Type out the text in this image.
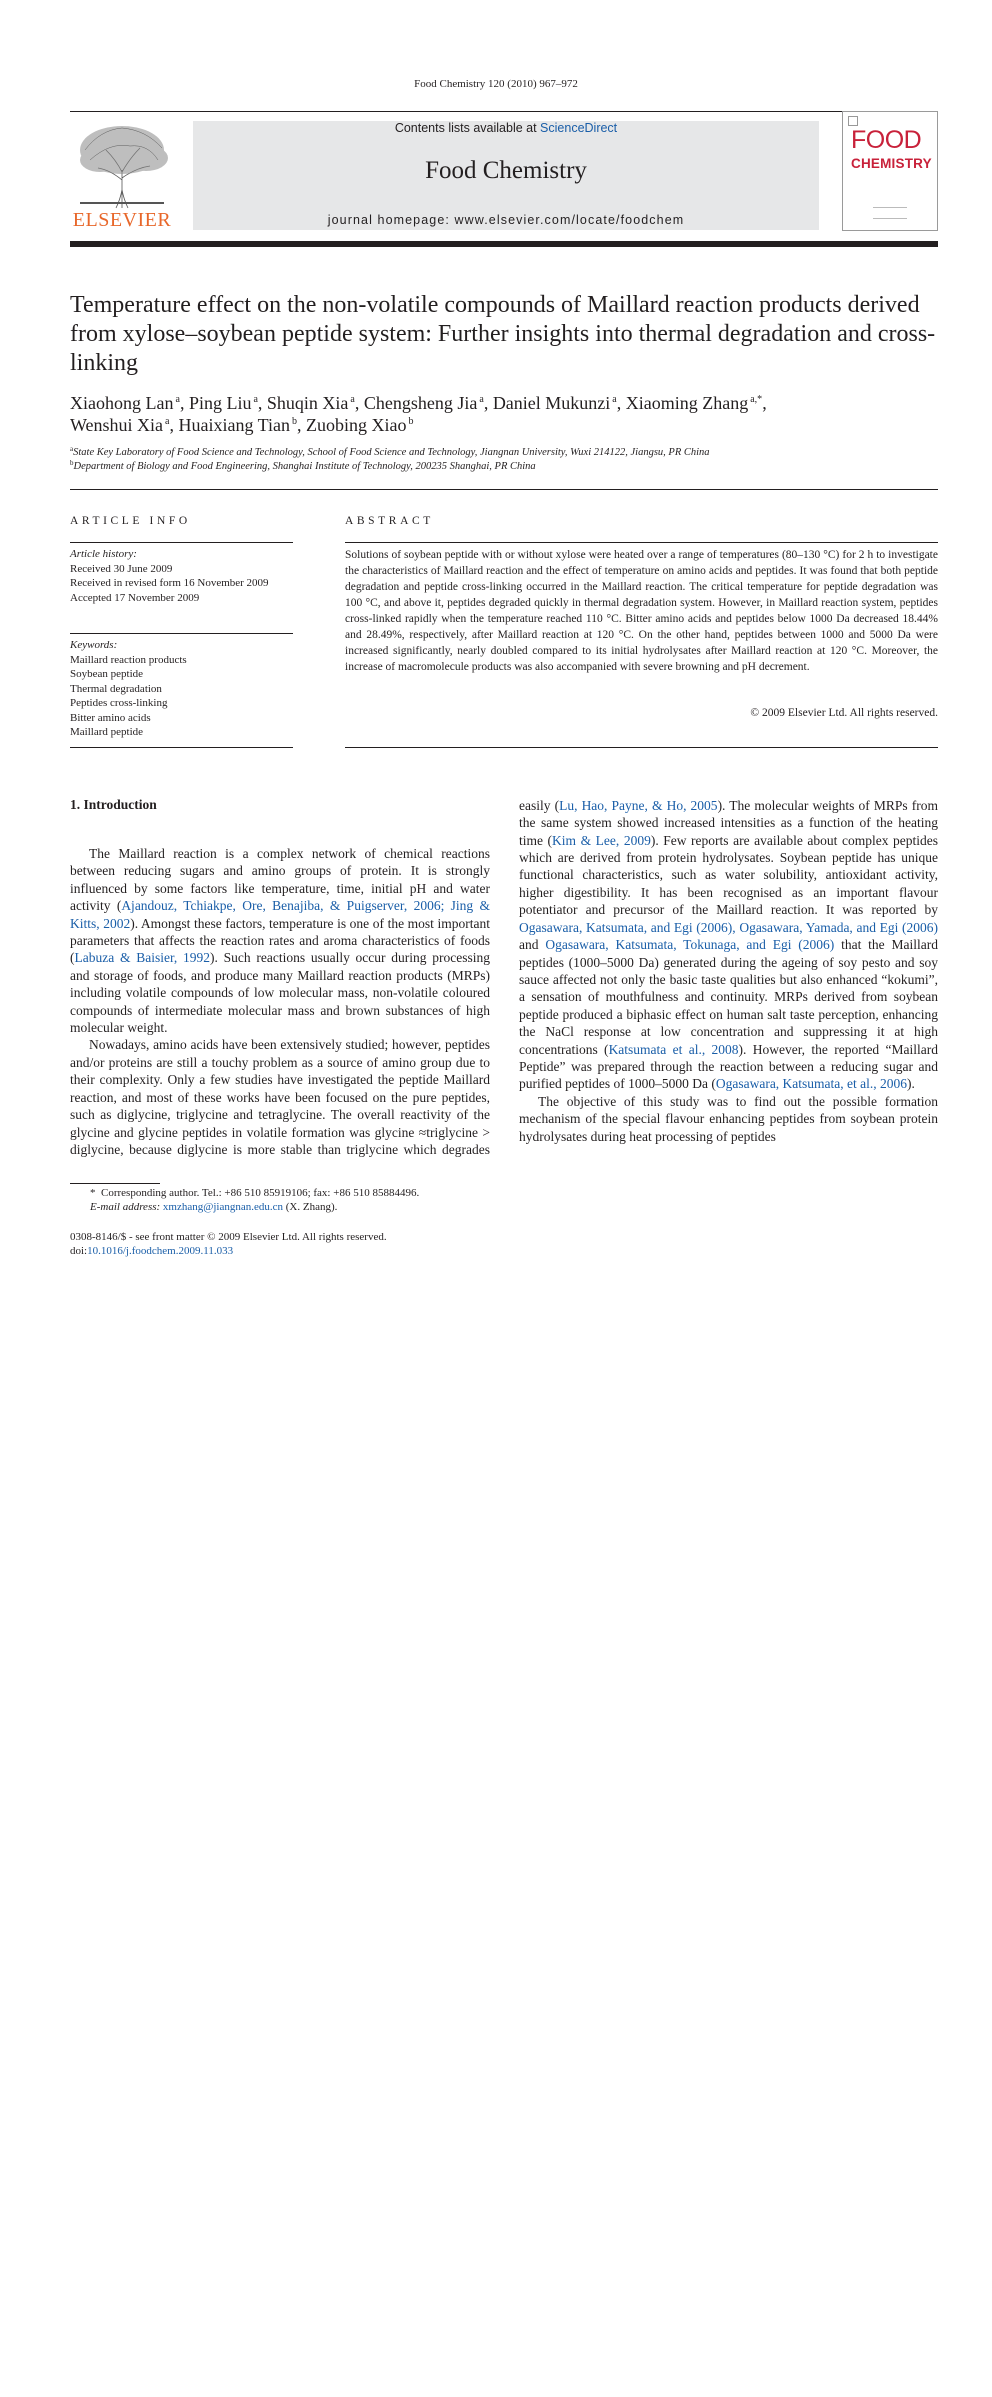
Food Chemistry 120 (2010) 967–972
ELSEVIER
Contents lists available at ScienceDirect
Food Chemistry
journal homepage: www.elsevier.com/locate/foodchem
FOOD
CHEMISTRY
Temperature effect on the non-volatile compounds of Maillard reaction products derived from xylose–soybean peptide system: Further insights into thermal degradation and cross-linking
Xiaohong Lan $^a$, Ping Liu $^a$, Shuqin Xia $^a$, Chengsheng Jia $^a$, Daniel Mukunzi $^a$, Xiaoming Zhang $^{a,*}$,
Wenshui Xia $^a$, Huaixiang Tian $^b$, Zuobing Xiao $^b$
$^a$State Key Laboratory of Food Science and Technology, School of Food Science and Technology, Jiangnan University, Wuxi 214122, Jiangsu, PR China
$^b$Department of Biology and Food Engineering, Shanghai Institute of Technology, 200235 Shanghai, PR China
ARTICLE INFO	ABSTRACT
Article history:
Received 30 June 2009
Received in revised form 16 November 2009
Accepted 17 November 2009
Keywords:
Maillard reaction products
Soybean peptide
Thermal degradation
Peptides cross-linking
Bitter amino acids
Maillard peptide
Solutions of soybean peptide with or without xylose were heated over a range of temperatures (80–130 °C) for 2 h to investigate the characteristics of Maillard reaction and the effect of temperature on amino acids and peptides. It was found that both peptide degradation and peptide cross-linking occurred in the Maillard reaction. The critical temperature for peptide degradation was 100 °C, and above it, peptides degraded quickly in thermal degradation system. However, in Maillard reaction system, peptides cross-linked rapidly when the temperature reached 110 °C. Bitter amino acids and peptides below 1000 Da decreased 18.44% and 28.49%, respectively, after Maillard reaction at 120 °C. On the other hand, peptides between 1000 and 5000 Da were increased significantly, nearly doubled compared to its initial hydrolysates after Maillard reaction at 120 °C. Moreover, the increase of macromolecule products was also accompanied with severe browning and pH decrement.
© 2009 Elsevier Ltd. All rights reserved.
1. Introduction

The Maillard reaction is a complex network of chemical reactions between reducing sugars and amino groups of protein. It is strongly influenced by some factors like temperature, time, initial pH and water activity (Ajandouz, Tchiakpe, Ore, Benajiba, & Puigserver, 2006; Jing & Kitts, 2002). Amongst these factors, temperature is one of the most important parameters that affects the reaction rates and aroma characteristics of foods (Labuza & Baisier, 1992). Such reactions usually occur during processing and storage of foods, and produce many Maillard reaction products (MRPs) including volatile compounds of low molecular mass, non-volatile coloured compounds of intermediate molecular mass and brown substances of high molecular weight.

Nowadays, amino acids have been extensively studied; however, peptides and/or proteins are still a touchy problem as a source of amino group due to their complexity. Only a few studies have investigated the peptide Maillard reaction, and most of these works have been focused on the pure peptides, such as diglycine, triglycine and tetraglycine. The overall reactivity of the glycine and glycine peptides in volatile formation was glycine ≈triglycine > diglycine, because diglycine is more stable than triglycine which degrades

easily (Lu, Hao, Payne, & Ho, 2005). The molecular weights of MRPs from the same system showed increased intensities as a function of the heating time (Kim & Lee, 2009). Few reports are available about complex peptides which are derived from protein hydrolysates. Soybean peptide has unique functional characteristics, such as water solubility, antioxidant activity, higher digestibility. It has been recognised as an important flavour potentiator and precursor of the Maillard reaction. It was reported by Ogasawara, Katsumata, and Egi (2006), Ogasawara, Yamada, and Egi (2006) and Ogasawara, Katsumata, Tokunaga, and Egi (2006) that the Maillard peptides (1000–5000 Da) generated during the ageing of soy pesto and soy sauce affected not only the basic taste qualities but also enhanced “kokumi”, a sensation of mouthfulness and continuity. MRPs derived from soybean peptide produced a biphasic effect on human salt taste perception, enhancing the NaCl response at low concentration and suppressing it at high concentrations (Katsumata et al., 2008). However, the reported “Maillard Peptide” was prepared through the reaction between a reducing sugar and purified peptides of 1000–5000 Da (Ogasawara, Katsumata, et al., 2006).

The objective of this study was to find out the possible formation mechanism of the special flavour enhancing peptides from soybean protein hydrolysates during heat processing of peptides

* Corresponding author. Tel.: +86 510 85919106; fax: +86 510 85884496.
E-mail address: xmzhang@jiangnan.edu.cn (X. Zhang).
0308-8146/$ - see front matter © 2009 Elsevier Ltd. All rights reserved.
doi:10.1016/j.foodchem.2009.11.033
